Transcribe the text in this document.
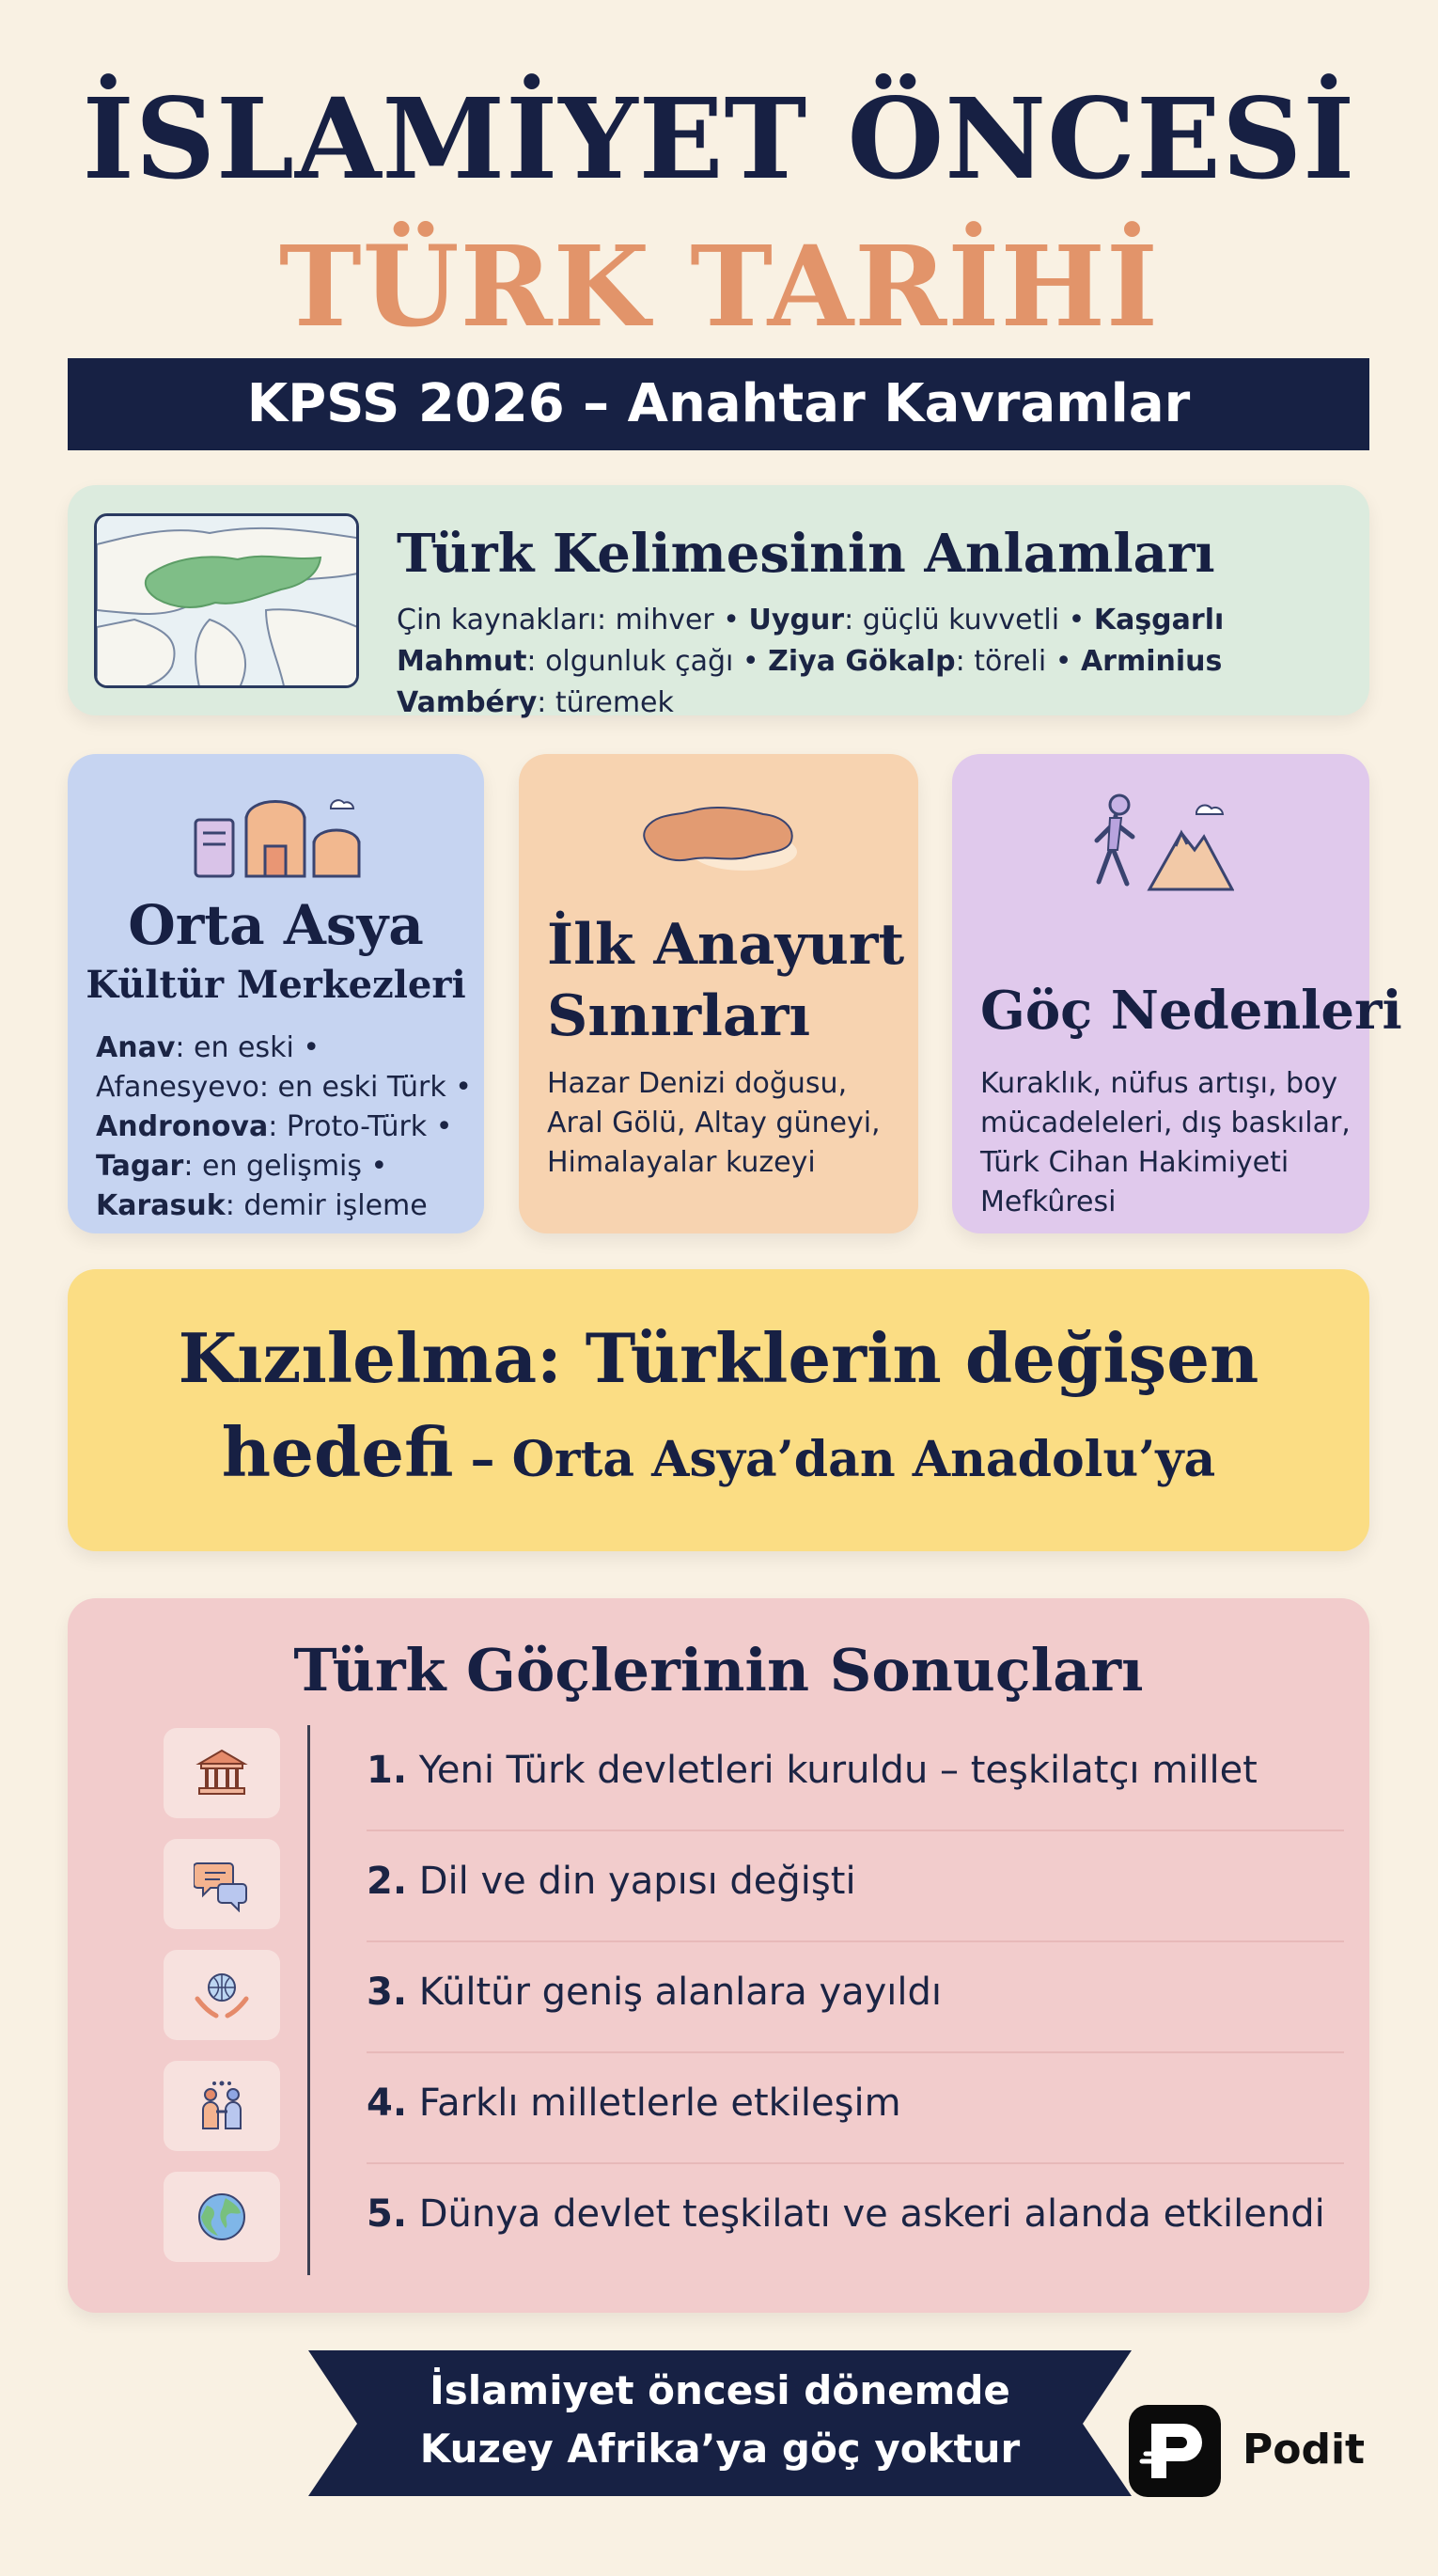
İSLAMİYET ÖNCESİ
TÜRK TARİHİ
KPSS 2026 – Anahtar Kavramlar
Türk Kelimesinin Anlamları
Çin kaynakları: mihver • Uygur: güçlü kuvvetli • Kaşgarlı Mahmut: olgunluk çağı • Ziya Gökalp: töreli • Arminius Vambéry: türemek
Orta Asya
Kültür Merkezleri
Anav: en eski • Afanesyevo: en eski Türk • Andronova: Proto-Türk • Tagar: en gelişmiş • Karasuk: demir işleme
İlk Anayurt
Sınırları
Hazar Denizi doğusu,
Aral Gölü, Altay güneyi,
Himalayalar kuzeyi
Göç Nedenleri
Kuraklık, nüfus artışı, boy
mücadeleleri, dış baskılar,
Türk Cihan Hakimiyeti
Mefkûresi
Kızılelma: Türklerin değişen
hedefi – Orta Asya’dan Anadolu’ya
Türk Göçlerinin Sonuçları
1. Yeni Türk devletleri kuruldu – teşkilatçı millet
2. Dil ve din yapısı değişti
3. Kültür geniş alanlara yayıldı
4. Farklı milletlerle etkileşim
5. Dünya devlet teşkilatı ve askeri alanda etkilendi
İslamiyet öncesi dönemde
Kuzey Afrika’ya göç yoktur	Podit
